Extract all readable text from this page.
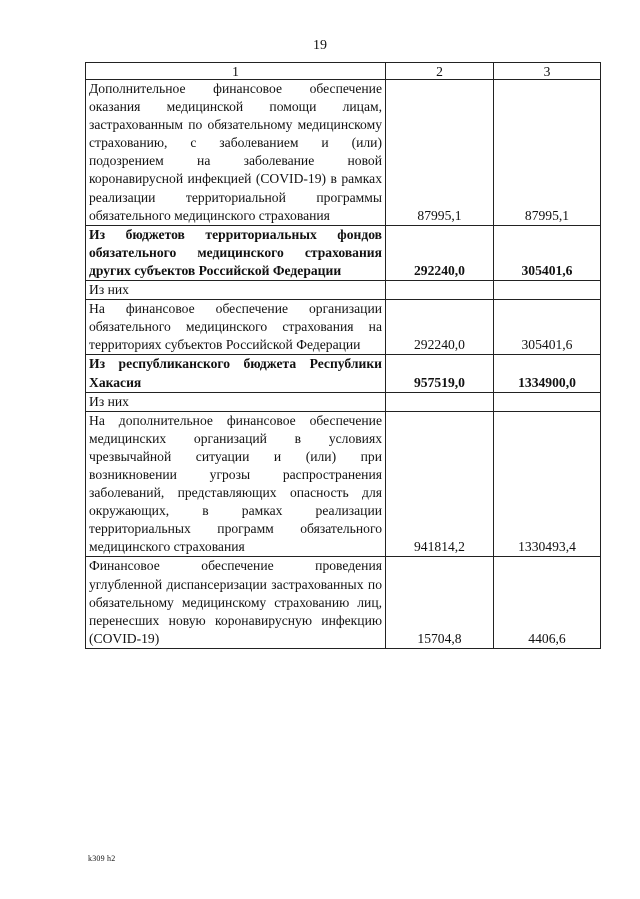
19
1	2	3
Дополнительное финансовое обеспечение оказания медицинской помощи лицам, застрахованным по обязательному медицинскому страхованию, с заболеванием и (или) подозрением на заболевание новой коронавирусной инфекцией (COVID-19) в рамках реализации территориальной программы обязательного медицинского страхования	87995,1	87995,1
Из бюджетов территориальных фондов обязательного медицинского страхования других субъектов Российской Федерации	292240,0	305401,6
Из них		
На финансовое обеспечение организации обязательного медицинского страхования на территориях субъектов Российской Федерации	292240,0	305401,6
Из республиканского бюджета Республики Хакасия	957519,0	1334900,0
Из них		
На дополнительное финансовое обеспечение медицинских организаций в условиях чрезвычайной ситуации и (или) при возникновении угрозы распространения заболеваний, представляющих опасность для окружающих, в рамках реализации территориальных программ обязательного медицинского страхования	941814,2	1330493,4
Финансовое обеспечение проведения углубленной диспансеризации застрахованных по обязательному медицинскому страхованию лиц, перенесших новую коронавирусную инфекцию (COVID-19)	15704,8	4406,6
k309 h2
